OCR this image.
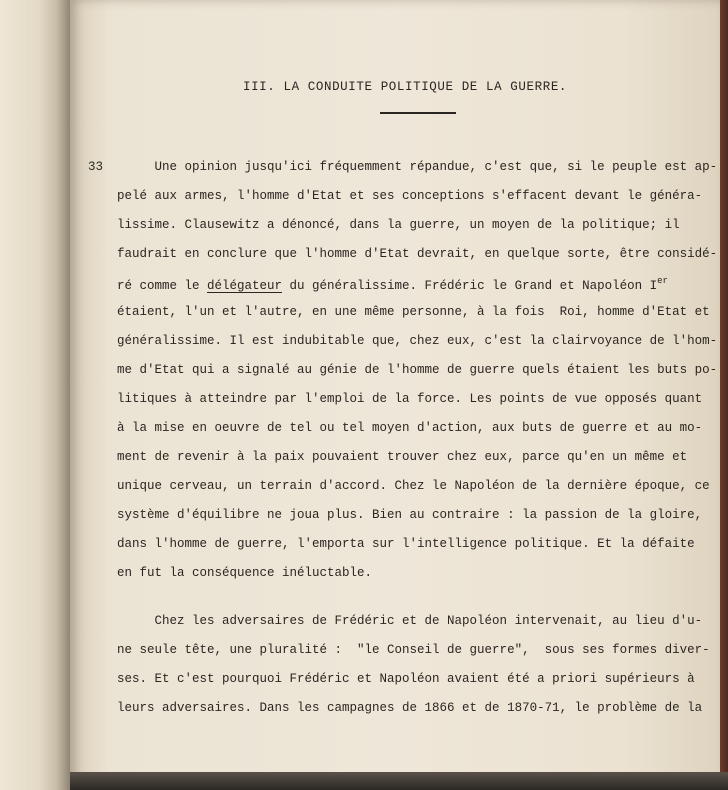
III. LA CONDUITE POLITIQUE DE LA GUERRE.
33 Une opinion jusqu'ici fréquemment répandue, c'est que, si le peuple est ap-
pelé aux armes, l'homme d'Etat et ses conceptions s'effacent devant le généra-
lissime. Clausewitz a dénoncé, dans la guerre, un moyen de la politique; il
faudrait en conclure que l'homme d'Etat devrait, en quelque sorte, être considé-
ré comme le délégateur du généralissime. Frédéric le Grand et Napoléon Ier
étaient, l'un et l'autre, en une même personne, à la fois  Roi, homme d'Etat et
généralissime. Il est indubitable que, chez eux, c'est la clairvoyance de l'hom-
me d'Etat qui a signalé au génie de l'homme de guerre quels étaient les buts po-
litiques à atteindre par l'emploi de la force. Les points de vue opposés quant
à la mise en oeuvre de tel ou tel moyen d'action, aux buts de guerre et au mo-
ment de revenir à la paix pouvaient trouver chez eux, parce qu'en un même et
unique cerveau, un terrain d'accord. Chez le Napoléon de la dernière époque, ce
système d'équilibre ne joua plus. Bien au contraire : la passion de la gloire,
dans l'homme de guerre, l'emporta sur l'intelligence politique. Et la défaite
en fut la conséquence inéluctable.
Chez les adversaires de Frédéric et de Napoléon intervenait, au lieu d'u-
ne seule tête, une pluralité :  "le Conseil de guerre",  sous ses formes diver-
ses. Et c'est pourquoi Frédéric et Napoléon avaient été a priori supérieurs à
leurs adversaires. Dans les campagnes de 1866 et de 1870-71, le problème de la
